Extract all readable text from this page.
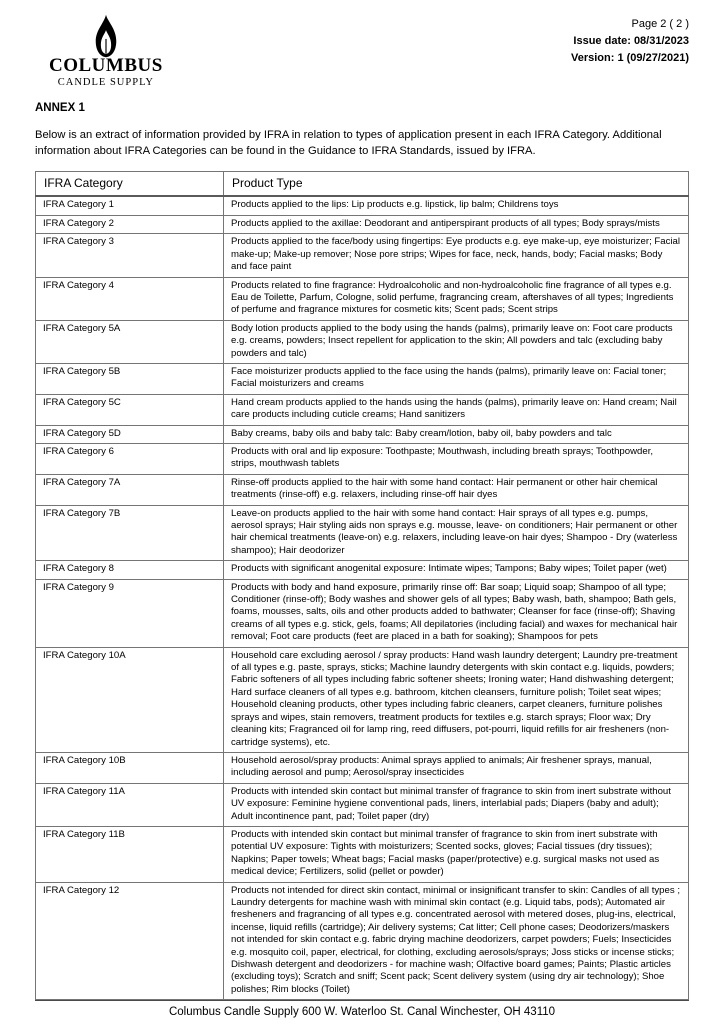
COLUMBUS
CANDLE SUPPLY
Page 2 ( 2 )
Issue date: 08/31/2023
Version: 1 (09/27/2021)
ANNEX 1

Below is an extract of information provided by IFRA in relation to types of application present in each IFRA Category. Additional information about IFRA Categories can be found in the Guidance to IFRA Standards, issued by IFRA.

IFRA Category	Product Type
IFRA Category 1	Products applied to the lips: Lip products e.g. lipstick, lip balm; Childrens toys
IFRA Category 2	Products applied to the axillae: Deodorant and antiperspirant products of all types; Body sprays/mists
IFRA Category 3	Products applied to the face/body using fingertips: Eye products e.g. eye make-up, eye moisturizer; Facial make-up; Make-up remover; Nose pore strips; Wipes for face, neck, hands, body; Facial masks; Body and face paint
IFRA Category 4	Products related to fine fragrance: Hydroalcoholic and non-hydroalcoholic fine fragrance of all types e.g. Eau de Toilette, Parfum, Cologne, solid perfume, fragrancing cream, aftershaves of all types; Ingredients of perfume and fragrance mixtures for cosmetic kits; Scent pads; Scent strips
IFRA Category 5A	Body lotion products applied to the body using the hands (palms), primarily leave on: Foot care products e.g. creams, powders; Insect repellent for application to the skin; All powders and talc (excluding baby powders and talc)
IFRA Category 5B	Face moisturizer products applied to the face using the hands (palms), primarily leave on: Facial toner; Facial moisturizers and creams
IFRA Category 5C	Hand cream products applied to the hands using the hands (palms), primarily leave on: Hand cream; Nail care products including cuticle creams; Hand sanitizers
IFRA Category 5D	Baby creams, baby oils and baby talc: Baby cream/lotion, baby oil, baby powders and talc
IFRA Category 6	Products with oral and lip exposure: Toothpaste; Mouthwash, including breath sprays; Toothpowder, strips, mouthwash tablets
IFRA Category 7A	Rinse-off products applied to the hair with some hand contact: Hair permanent or other hair chemical treatments (rinse-off) e.g. relaxers, including rinse-off hair dyes
IFRA Category 7B	Leave-on products applied to the hair with some hand contact: Hair sprays of all types e.g. pumps, aerosol sprays; Hair styling aids non sprays e.g. mousse, leave- on conditioners; Hair permanent or other hair chemical treatments (leave-on) e.g. relaxers, including leave-on hair dyes; Shampoo - Dry (waterless shampoo); Hair deodorizer
IFRA Category 8	Products with significant anogenital exposure: Intimate wipes; Tampons; Baby wipes; Toilet paper (wet)
IFRA Category 9	Products with body and hand exposure, primarily rinse off: Bar soap; Liquid soap; Shampoo of all type; Conditioner (rinse-off); Body washes and shower gels of all types; Baby wash, bath, shampoo; Bath gels, foams, mousses, salts, oils and other products added to bathwater; Cleanser for face (rinse-off); Shaving creams of all types e.g. stick, gels, foams; All depilatories (including facial) and waxes for mechanical hair removal; Foot care products (feet are placed in a bath for soaking); Shampoos for pets
IFRA Category 10A	Household care excluding aerosol / spray products: Hand wash laundry detergent; Laundry pre-treatment of all types e.g. paste, sprays, sticks; Machine laundry detergents with skin contact e.g. liquids, powders; Fabric softeners of all types including fabric softener sheets; Ironing water; Hand dishwashing detergent; Hard surface cleaners of all types e.g. bathroom, kitchen cleansers, furniture polish; Toilet seat wipes; Household cleaning products, other types including fabric cleaners, carpet cleaners, furniture polishes sprays and wipes, stain removers, treatment products for textiles e.g. starch sprays; Floor wax; Dry cleaning kits; Fragranced oil for lamp ring, reed diffusers, pot-pourri, liquid refills for air fresheners (non-cartridge systems), etc.
IFRA Category 10B	Household aerosol/spray products: Animal sprays applied to animals; Air freshener sprays, manual, including aerosol and pump; Aerosol/spray insecticides
IFRA Category 11A	Products with intended skin contact but minimal transfer of fragrance to skin from inert substrate without UV exposure: Feminine hygiene conventional pads, liners, interlabial pads; Diapers (baby and adult); Adult incontinence pant, pad; Toilet paper (dry)
IFRA Category 11B	Products with intended skin contact but minimal transfer of fragrance to skin from inert substrate with potential UV exposure: Tights with moisturizers; Scented socks, gloves; Facial tissues (dry tissues); Napkins; Paper towels; Wheat bags; Facial masks (paper/protective) e.g. surgical masks not used as medical device; Fertilizers, solid (pellet or powder)
IFRA Category 12	Products not intended for direct skin contact, minimal or insignificant transfer to skin: Candles of all types ; Laundry detergents for machine wash with minimal skin contact (e.g. Liquid tabs, pods); Automated air fresheners and fragrancing of all types e.g. concentrated aerosol with metered doses, plug-ins, electrical, incense, liquid refills (cartridge); Air delivery systems; Cat litter; Cell phone cases; Deodorizers/maskers not intended for skin contact e.g. fabric drying machine deodorizers, carpet powders; Fuels; Insecticides e.g. mosquito coil, paper, electrical, for clothing, excluding aerosols/sprays; Joss sticks or incense sticks; Dishwash detergent and deodorizers - for machine wash; Olfactive board games; Paints; Plastic articles (excluding toys); Scratch and sniff; Scent pack; Scent delivery system (using dry air technology); Shoe polishes; Rim blocks (Toilet)
Columbus Candle Supply 600 W. Waterloo St. Canal Winchester, OH 43110
